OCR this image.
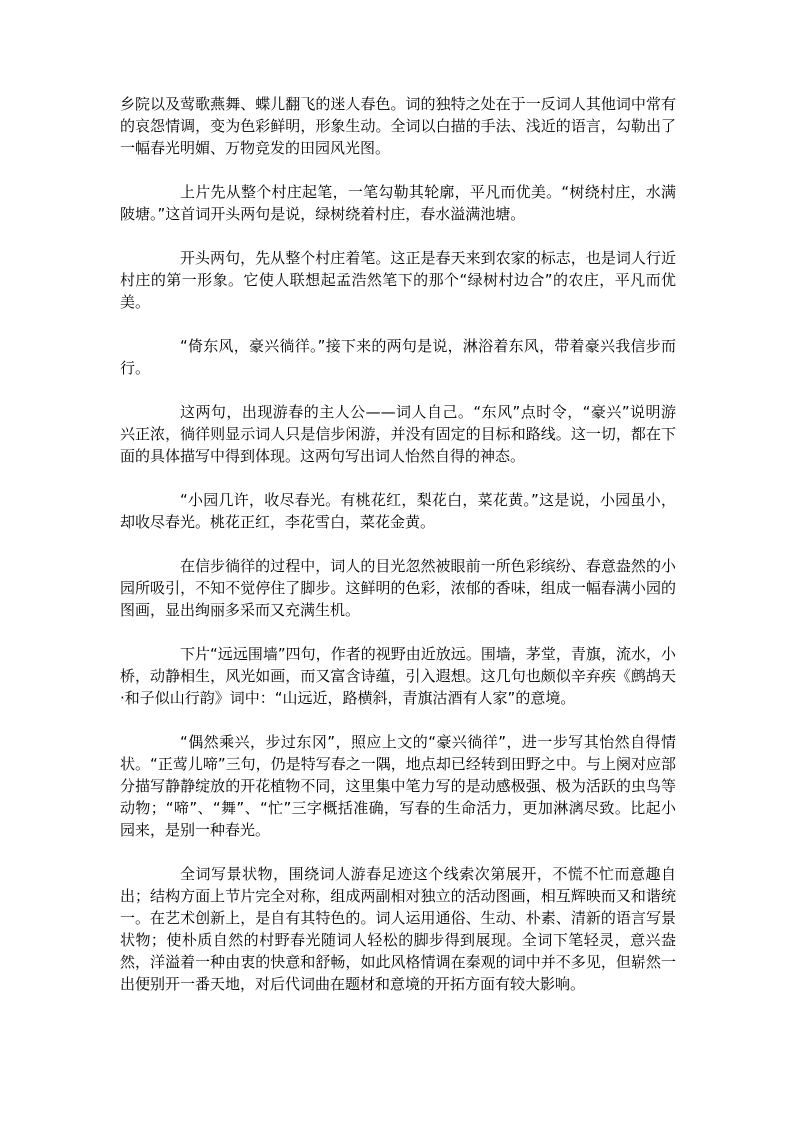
乡院以及莺歌燕舞、蝶儿翻飞的迷人春色。词的独特之处在于一反词人其他词中常有的哀怨情调，变为色彩鲜明，形象生动。全词以白描的手法、浅近的语言，勾勒出了一幅春光明媚、万物竞发的田园风光图。

上片先从整个村庄起笔，一笔勾勒其轮廓，平凡而优美。“树绕村庄，水满陂塘。”这首词开头两句是说，绿树绕着村庄，春水溢满池塘。

开头两句，先从整个村庄着笔。这正是春天来到农家的标志，也是词人行近村庄的第一形象。它使人联想起孟浩然笔下的那个“绿树村边合”的农庄，平凡而优美。

“倚东风，豪兴徜徉。”接下来的两句是说，淋浴着东风，带着豪兴我信步而行。

这两句，出现游春的主人公——词人自己。“东风”点时令，“豪兴”说明游兴正浓，徜徉则显示词人只是信步闲游，并没有固定的目标和路线。这一切，都在下面的具体描写中得到体现。这两句写出词人怡然自得的神态。

“小园几许，收尽春光。有桃花红，梨花白，菜花黄。”这是说，小园虽小，却收尽春光。桃花正红，李花雪白，菜花金黄。

在信步徜徉的过程中，词人的目光忽然被眼前一所色彩缤纷、春意盎然的小园所吸引，不知不觉停住了脚步。这鲜明的色彩，浓郁的香味，组成一幅春满小园的图画，显出绚丽多采而又充满生机。

下片“远远围墙”四句，作者的视野由近放远。围墙，茅堂，青旗，流水，小桥，动静相生，风光如画，而又富含诗蕴，引入遐想。这几句也颇似辛弃疾《鹧鸪天·和子似山行韵》词中：“山远近，路横斜，青旗沽酒有人家”的意境。

“偶然乘兴，步过东冈”，照应上文的“豪兴徜徉”，进一步写其怡然自得情状。“正莺儿啼”三句，仍是特写春之一隅，地点却已经转到田野之中。与上阕对应部分描写静静绽放的开花植物不同，这里集中笔力写的是动感极强、极为活跃的虫鸟等动物；“啼”、“舞”、“忙”三字概括准确，写春的生命活力，更加淋漓尽致。比起小园来，是别一种春光。

全词写景状物，围绕词人游春足迹这个线索次第展开，不慌不忙而意趣自出；结构方面上节片完全对称，组成两副相对独立的活动图画，相互辉映而又和谐统一。在艺术创新上，是自有其特色的。词人运用通俗、生动、朴素、清新的语言写景状物；使朴质自然的村野春光随词人轻松的脚步得到展现。全词下笔轻灵，意兴盎然，洋溢着一种由衷的快意和舒畅，如此风格情调在秦观的词中并不多见，但崭然一出便别开一番天地，对后代词曲在题材和意境的开拓方面有较大影响。
